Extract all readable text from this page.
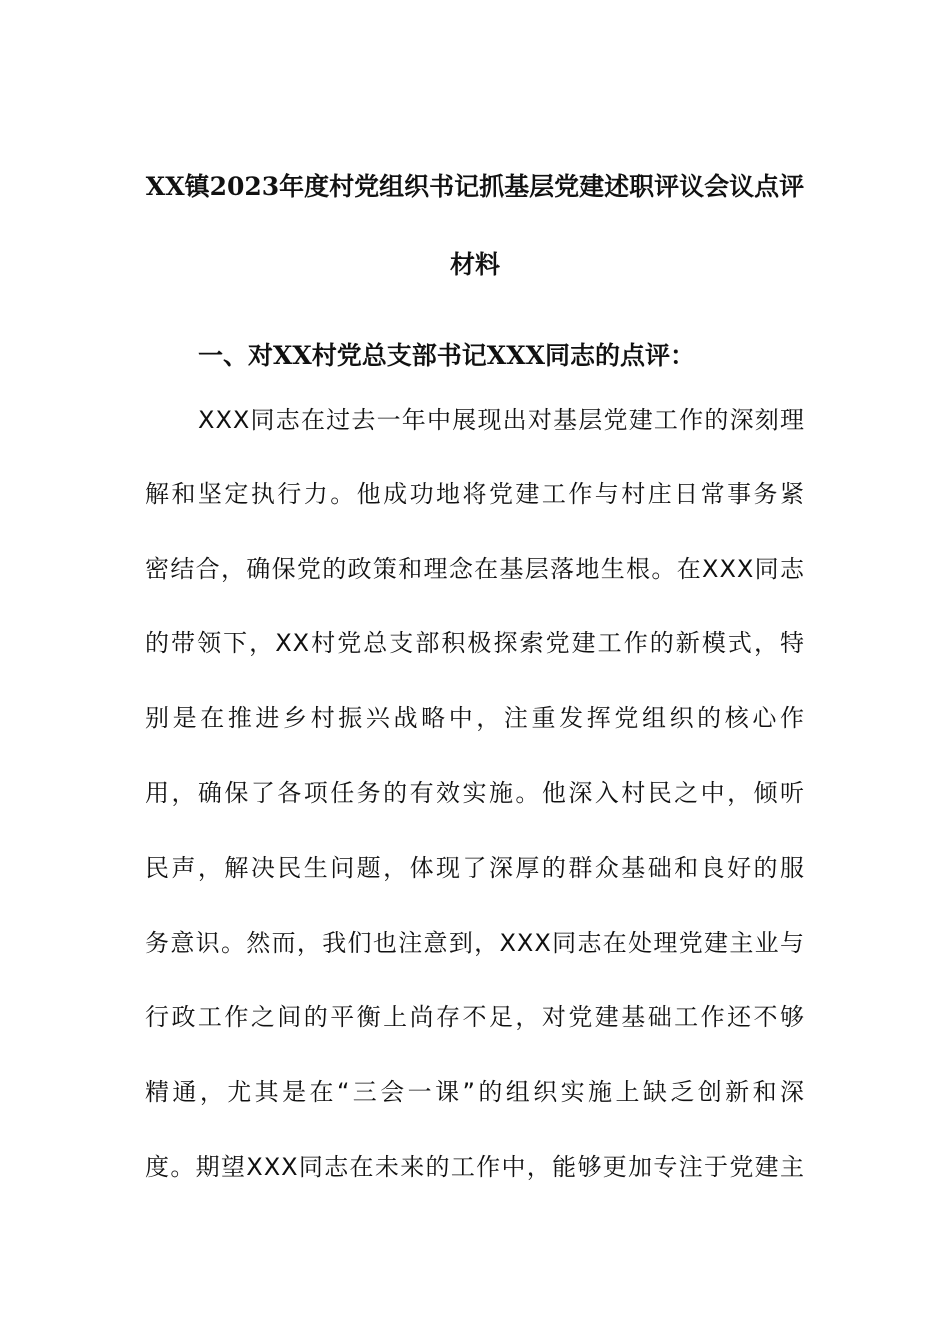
XX镇2023年度村党组织书记抓基层党建述职评议会议点评
材料
一、对XX村党总支部书记XXX同志的点评：
XXX同志在过去一年中展现出对基层党建工作的深刻理
解和坚定执行力。他成功地将党建工作与村庄日常事务紧
密结合，确保党的政策和理念在基层落地生根。在XXX同志
的带领下，XX村党总支部积极探索党建工作的新模式，特
别是在推进乡村振兴战略中，注重发挥党组织的核心作
用，确保了各项任务的有效实施。他深入村民之中，倾听
民声，解决民生问题，体现了深厚的群众基础和良好的服
务意识。然而，我们也注意到，XXX同志在处理党建主业与
行政工作之间的平衡上尚存不足，对党建基础工作还不够
精通，尤其是在“三会一课”的组织实施上缺乏创新和深
度。期望XXX同志在未来的工作中，能够更加专注于党建主
